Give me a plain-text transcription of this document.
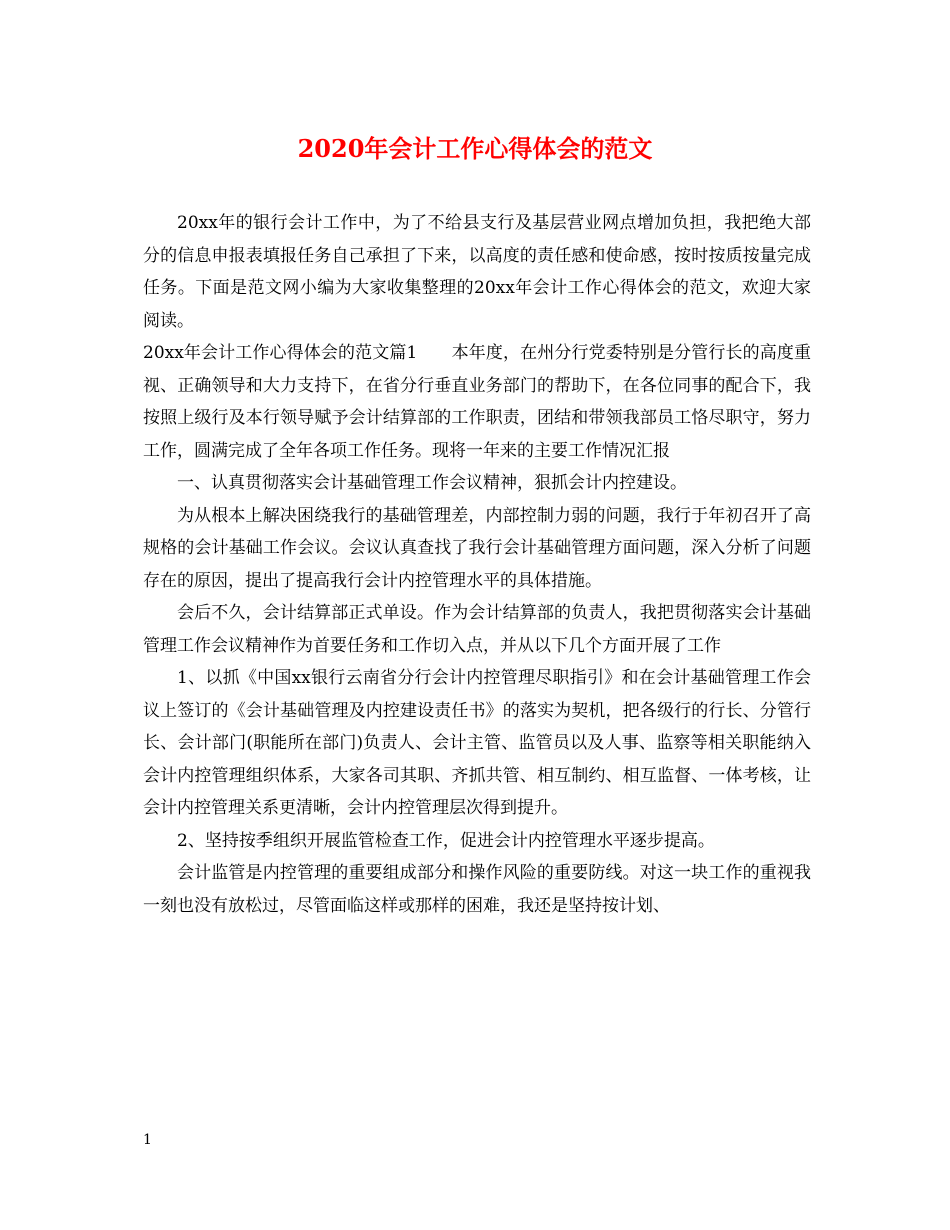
2020年会计工作心得体会的范文

20xx年的银行会计工作中，为了不给县支行及基层营业网点增加负担，我把绝大部分的信息申报表填报任务自己承担了下来，以高度的责任感和使命感，按时按质按量完成任务。下面是范文网小编为大家收集整理的20xx年会计工作心得体会的范文，欢迎大家阅读。

20xx年会计工作心得体会的范文篇1　　本年度，在州分行党委特别是分管行长的高度重视、正确领导和大力支持下，在省分行垂直业务部门的帮助下，在各位同事的配合下，我按照上级行及本行领导赋予会计结算部的工作职责，团结和带领我部员工恪尽职守，努力工作，圆满完成了全年各项工作任务。现将一年来的主要工作情况汇报

一、认真贯彻落实会计基础管理工作会议精神，狠抓会计内控建设。

为从根本上解决困绕我行的基础管理差，内部控制力弱的问题，我行于年初召开了高规格的会计基础工作会议。会议认真查找了我行会计基础管理方面问题，深入分析了问题存在的原因，提出了提高我行会计内控管理水平的具体措施。

会后不久，会计结算部正式单设。作为会计结算部的负责人，我把贯彻落实会计基础管理工作会议精神作为首要任务和工作切入点，并从以下几个方面开展了工作

1、以抓《中国xx银行云南省分行会计内控管理尽职指引》和在会计基础管理工作会议上签订的《会计基础管理及内控建设责任书》的落实为契机，把各级行的行长、分管行长、会计部门(职能所在部门)负责人、会计主管、监管员以及人事、监察等相关职能纳入会计内控管理组织体系，大家各司其职、齐抓共管、相互制约、相互监督、一体考核，让会计内控管理关系更清晰，会计内控管理层次得到提升。

2、坚持按季组织开展监管检查工作，促进会计内控管理水平逐步提高。

会计监管是内控管理的重要组成部分和操作风险的重要防线。对这一块工作的重视我一刻也没有放松过，尽管面临这样或那样的困难，我还是坚持按计划、

1
